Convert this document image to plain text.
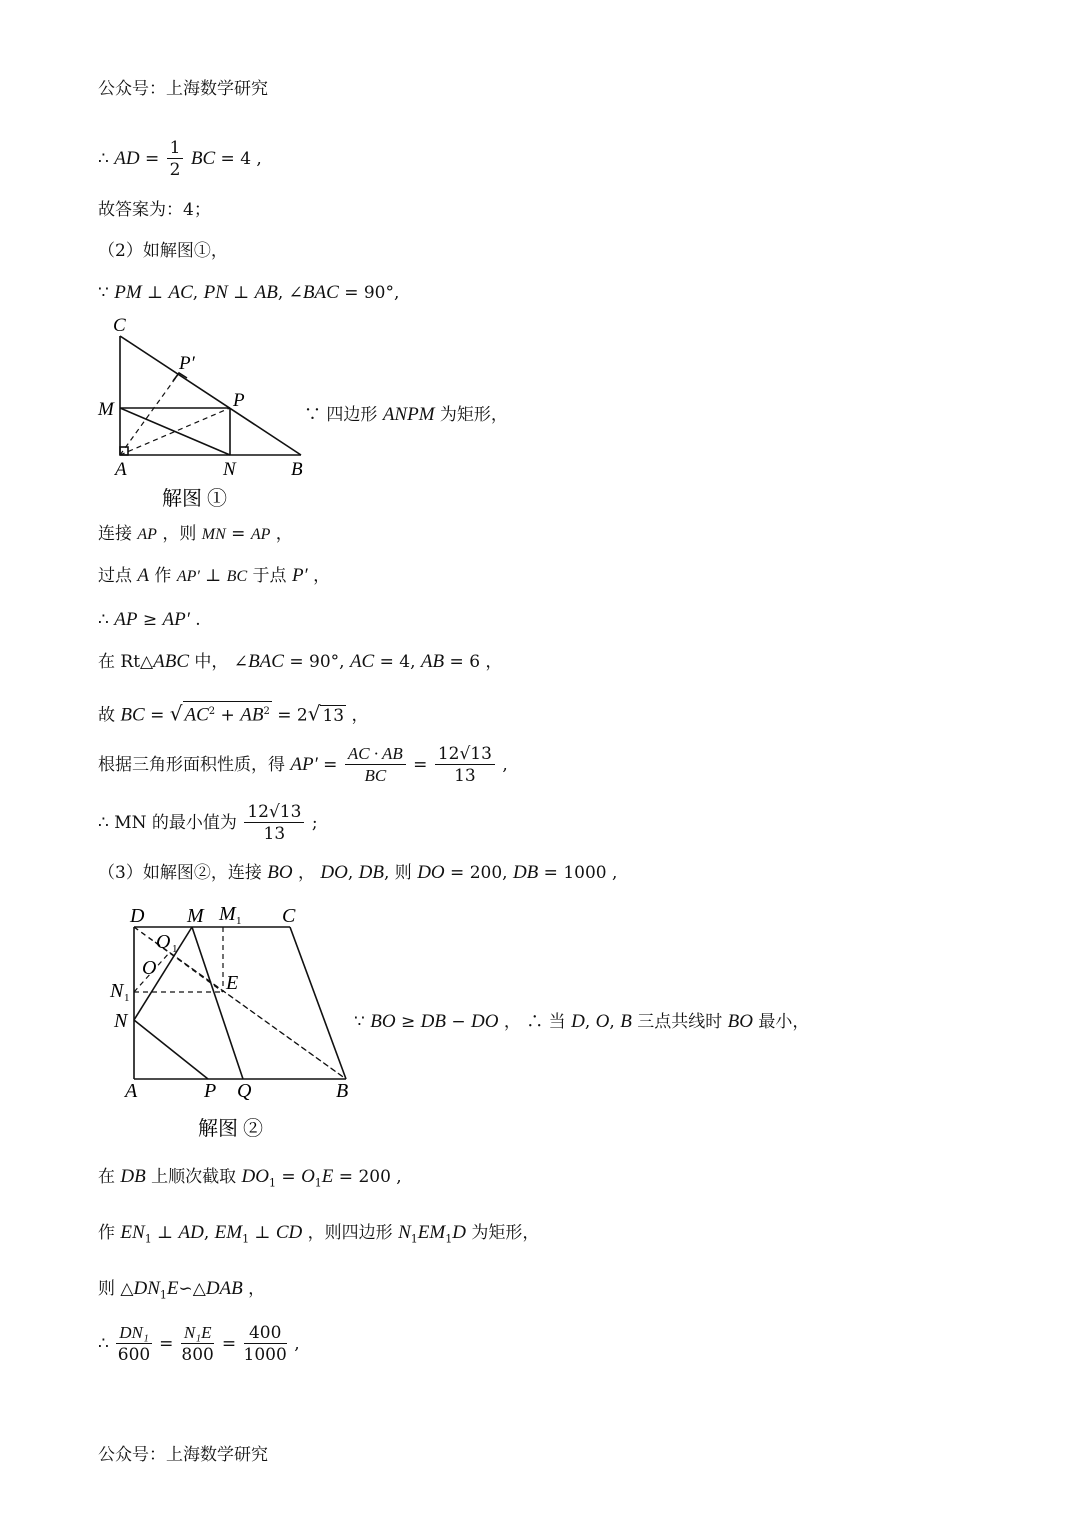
公众号：上海数学研究
∴ AD = $\frac{1}{2}$ BC = 4 ,
故答案为：4；
（2）如解图①，
∵ PM ⊥ AC, PN ⊥ AB, ∠BAC = 90°,
C
P′
M	P
A	N	B
解图 ①
∵ 四边形 ANPM 为矩形，
连接 AP ，则 MN = AP ，
过点 A 作 AP′ ⊥ BC 于点 P′ ，
∴ AP ≥ AP′ .
在 Rt△ABC 中， ∠BAC = 90°, AC = 4, AB = 6 ，
故 BC = √ $AC^2 + AB^2 = 2√$ 13 ，
根据三角形面积性质，得 $AP' = \frac{AC \cdot AB}{BC} = \frac{12√13}{13}$ ,
∴ MN 的最小值为 $\frac{12√13}{13}$ ;
（3）如解图②，连接 BO ， DO, DB, 则 DO = 200, DB = 1000 ,
D M M 1 C
O 1
O
N 1
E
N
A	P Q	B
解图 ②
∵ BO ≥ DB − DO ， ∴ 当 D, O, B 三点共线时 BO 最小，
在 DB 上顺次截取 $DO_1 = O_1E = 200$ ,
作 $EN_1$ ⊥ AD, $EM_1$ ⊥ CD ，则四边形 $N_1EM_1D$ 为矩形，
则 $\triangle DN_1E∽\triangle DAB$ ，
∴ $\frac{\text{DN₁}}{600} = \frac{\text{N₁E}}{800} = \frac{400}{1000}$ ,
公众号：上海数学研究
